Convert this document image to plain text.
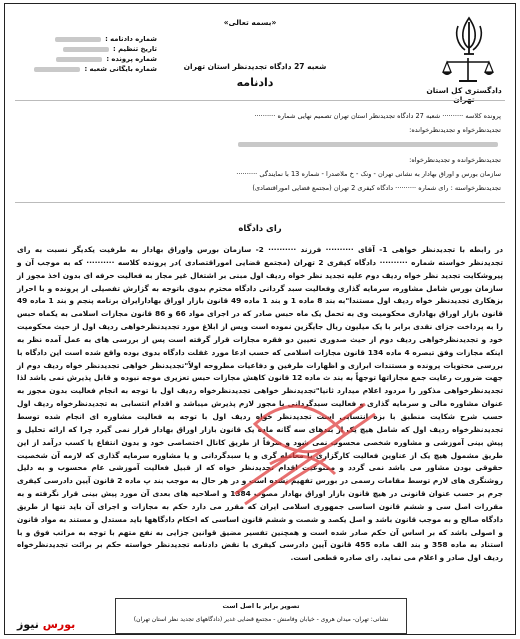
دادگستری کل استان
«بسمه تعالی»
شعبه 27 دادگاه تجدیدنظر استان تهران
دادنامه
شماره دادنامه :
تاریخ تنظیم :
شماره پرونده :
شماره بایگانی شعبه :
پرونده کلاسه ·········· شعبه 27 دادگاه تجدیدنظر استان تهران تصمیم نهایی شماره ··········
تجدیدنظرخواه و تجدیدنظرخوانده:
تجدیدنظرخوانده و تجدیدنظرخواه:
سازمان بورس و اوراق بهادار به نشانی تهران - ونک - خ ملاصدرا - شماره 13 با نمایندگی ··········
تجدیدنظرخواسته : رای شماره ·········· دادگاه کیفری 2 تهران (مجتمع قضایی اموراقتصادی)
رای دادگاه

در رابطه با تجدیدنظر خواهی 1- آقای ·········· فرزند ·········· 2- سازمان بورس واوراق بهادار به طرفیت یکدیگر نسبت به رای تجدیدنظر خواسته شماره ·········· دادگاه کیفری 2 تهران (مجتمع قضایی اموراقتصادی )در پرونده کلاسه ·········· که به موجب آن و پیروشکایت تجدید نظر خواه ردیف دوم علیه تجدید نظر خواه ردیف اول مبنی بر اشتغال غیر مجاز به فعالیت حرفه ای بدون اخذ مجوز از سازمان بورس شامل مشاوره، سرمایه گذاری وفعالیت سبد گردانی دادگاه محترم بدوی باتوجه به گزارش تفصیلی از پرونده و با احراز بزهکاری تجدیدنظر خواه ردیف اول مستندا"به بند 8 ماده 1 و بند 1 ماده 49 قانون بازار اوراق بهادارایران برنامه پنجم و بند 1 ماده 49 قانون بازار اوراق بهاداری محکومیت وی به تحمل یک ماه حبس صادر که در اجرای مواد 66 و 86 قانون مجازات اسلامی به یکماه حبس را به پرداخت جزای نقدی برابر با یک میلیون ریال جایگزین نموده است وپس از ابلاغ مورد تجدیدنظرخواهی ردیف اول از حیث محکومیت خود و تجدیدنظرخواهی ردیف دوم از حیث صدوری تعیین دو فقره مجازات قرار گرفته است پس از بررسی های به عمل آمده نظر به اینکه مجازات وفق تبصره 4 ماده 134 قانون مجازات اسلامی که حسب ادعا مورد غفلت دادگاه بدوی بوده واقع شده است این دادگاه با بررسی محتویات پرونده و مستندات ابرازی و اظهارات طرفین و دفاعیات مطروحه اولاً"تجدیدنظر خواهی تجدیدنظر خواه ردیف دوم از جهت ضرورت رعایت جمع مجازاتها توجهاً به بند ث ماده 12 قانون کاهش مجازات حبس تعزیری موجه نبوده و قابل پذیرش نمی باشد لذا تجدیدنظرخواهی مذکور را مردود اعلام میدارد ثانیا"تجدیدنظر خواهی تجدیدنظرخواه ردیف اول با توجه به انجام فعالیت بدون مجوز به عنوان مشاوره مالی و سرمایه گذاری و فعالیت سبدگردانی با مجوز لازم پذیرش میباشد و اقدام انتسابی به تجدیدنظرخواه ردیف اول حسب شرح شکایت منطبق با بزه انتسابی است تجدیدنظر خواه ردیف اول با توجه به فعالیت مشاوره ای انجام شده توسط تجدیدنظرخواه ردیف اول که شامل هیچ یک از بندهای سه گانه ماده یک قانون بازار اوراق بهادار قرار نمی گیرد چرا که ارائه تحلیل و پیش بینی آموزشی و مشاوره شخصی محسوب نمی شود و صرفاً از طریق کانال اختصاصی خود و بدون انتفاع یا کسب درآمد از این طریق مشمول هیچ یک از عناوین فعالیت کارگزاری یا معامله گری و یا سبدگردانی و یا مشاوره سرمایه گذاری که لازمه آن شخصیت حقوقی بودن مشاور می باشد نمی گردد و ممنوعیت اقدام تجدیدنظر خواه که از قبیل فعالیت آموزشی عام محسوب و به دلیل روشنگری های لازم توسط مقامات رسمی در بورس تفهیم نشده است و در هر حال به موجب بند پ ماده 2 قانون آیین دادرسی کیفری جرم بر حسب عنوان قانونی در هیچ قانون بازار اوراق بهادار مصوب 1384 و اصلاحیه های بعدی آن مورد پیش بینی قرار نگرفته و به مقررات اصل سی و ششم قانون اساسی جمهوری اسلامی ایران که مقرر می دارد حکم به مجازات و اجرای آن باید تنها از طریق دادگاه صالح و به موجب قانون باشد و اصل یکصد و شصت و ششم قانون اساسی که احکام دادگاهها باید مستدل و مستند به مواد قانون و اصولی باشد که بر اساس آن حکم صادر شده است و همچنین تفسیر مضیق قوانین جزایی به نفع متهم با توجه به مراتب فوق و با استناد به ماده 358 و بند الف ماده 455 قانون آیین دادرسی کیفری با نقض دادنامه تجدیدنظر خواسته حکم بر برائت تجدیدنظرخواه ردیف اول صادر و اعلام می نماید. رای صادره قطعی است.

تصویر برابر با اصل است
نشانی: تهران- میدان هروی - خیابان وفامنش - مجتمع قضایی غدیر (دادگاههای تجدید نظر استان تهران)
بورس نیوز
